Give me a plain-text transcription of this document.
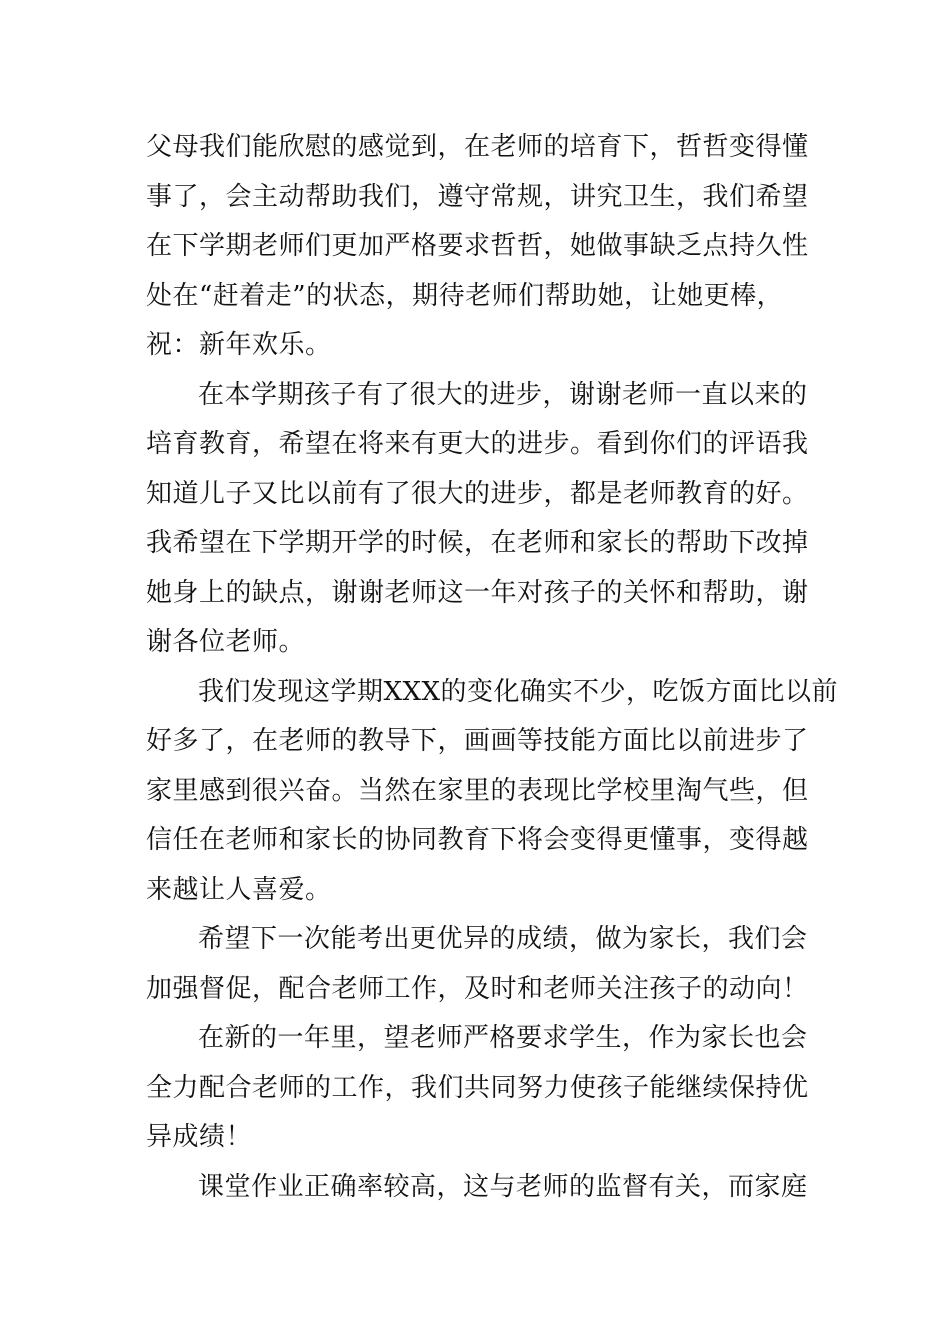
父母我们能欣慰的感觉到，在老师的培育下，哲哲变得懂
事了，会主动帮助我们，遵守常规，讲究卫生，我们希望
在下学期老师们更加严格要求哲哲，她做事缺乏点持久性
处在“赶着走”的状态，期待老师们帮助她，让她更棒，
祝：新年欢乐。
在本学期孩子有了很大的进步，谢谢老师一直以来的
培育教育，希望在将来有更大的进步。看到你们的评语我
知道儿子又比以前有了很大的进步，都是老师教育的好。
我希望在下学期开学的时候，在老师和家长的帮助下改掉
她身上的缺点，谢谢老师这一年对孩子的关怀和帮助，谢
谢各位老师。
我们发现这学期XXX的变化确实不少，吃饭方面比以前
好多了，在老师的教导下，画画等技能方面比以前进步了
家里感到很兴奋。当然在家里的表现比学校里淘气些，但
信任在老师和家长的协同教育下将会变得更懂事，变得越
来越让人喜爱。
希望下一次能考出更优异的成绩，做为家长，我们会
加强督促，配合老师工作，及时和老师关注孩子的动向！
在新的一年里，望老师严格要求学生，作为家长也会
全力配合老师的工作，我们共同努力使孩子能继续保持优
异成绩！
课堂作业正确率较高，这与老师的监督有关，而家庭
